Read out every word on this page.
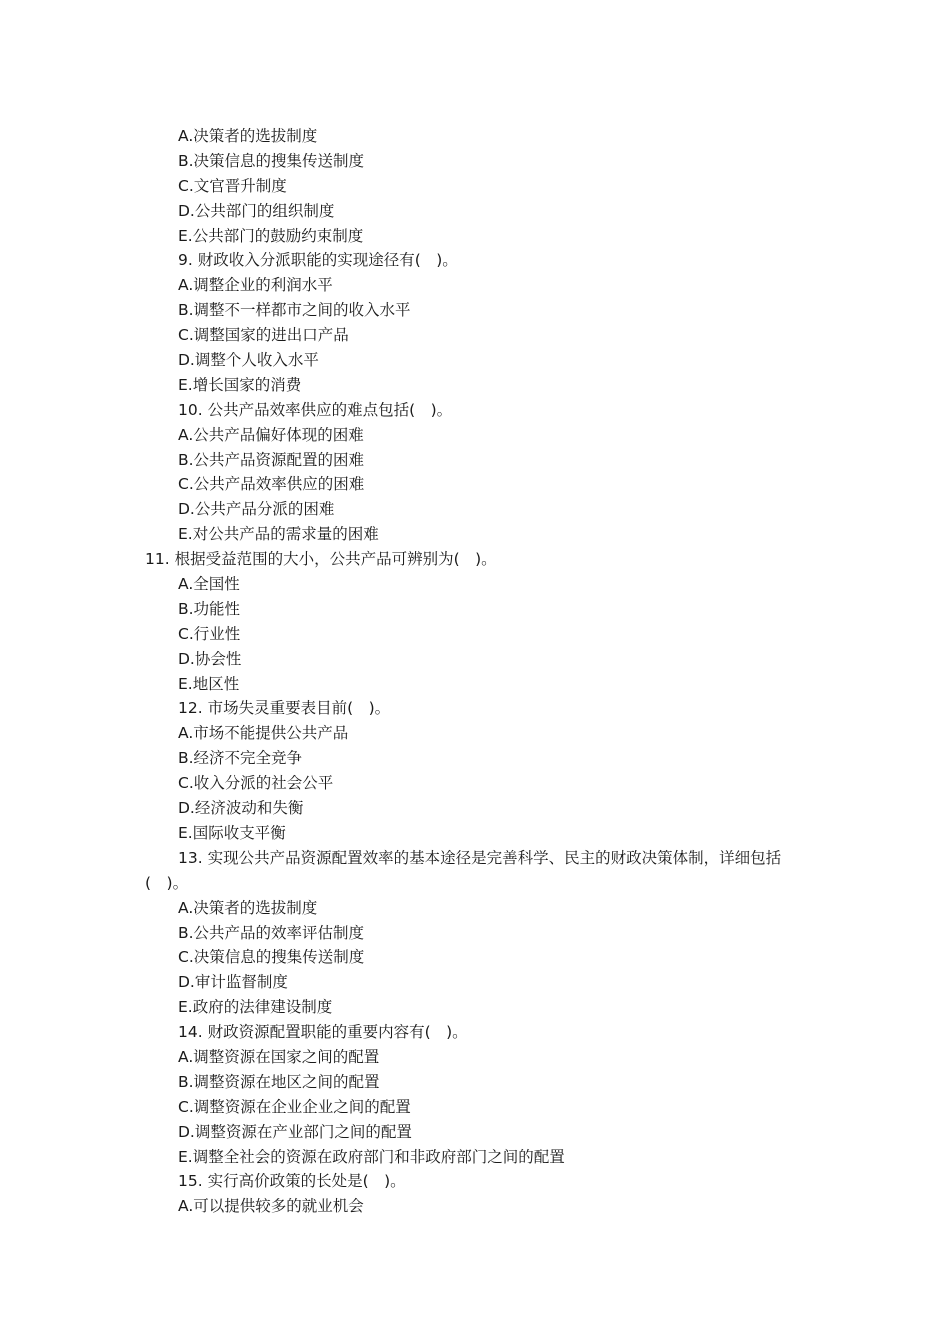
A.决策者的选拔制度
B.决策信息的搜集传送制度
C.文官晋升制度
D.公共部门的组织制度
E.公共部门的鼓励约束制度
9. 财政收入分派职能的实现途径有(　)。
A.调整企业的利润水平
B.调整不一样都市之间的收入水平
C.调整国家的进出口产品
D.调整个人收入水平
E.增长国家的消费
10. 公共产品效率供应的难点包括(　)。
A.公共产品偏好体现的困难
B.公共产品资源配置的困难
C.公共产品效率供应的困难
D.公共产品分派的困难
E.对公共产品的需求量的困难
11. 根据受益范围的大小，公共产品可辨别为(　)。
A.全国性
B.功能性
C.行业性
D.协会性
E.地区性
12. 市场失灵重要表目前(　)。
A.市场不能提供公共产品
B.经济不完全竞争
C.收入分派的社会公平
D.经济波动和失衡
E.国际收支平衡
13. 实现公共产品资源配置效率的基本途径是完善科学、民主的财政决策体制，详细包括(　)。
A.决策者的选拔制度
B.公共产品的效率评估制度
C.决策信息的搜集传送制度
D.审计监督制度
E.政府的法律建设制度
14. 财政资源配置职能的重要内容有(　)。
A.调整资源在国家之间的配置
B.调整资源在地区之间的配置
C.调整资源在企业企业之间的配置
D.调整资源在产业部门之间的配置
E.调整全社会的资源在政府部门和非政府部门之间的配置
15. 实行高价政策的长处是(　)。
A.可以提供较多的就业机会
